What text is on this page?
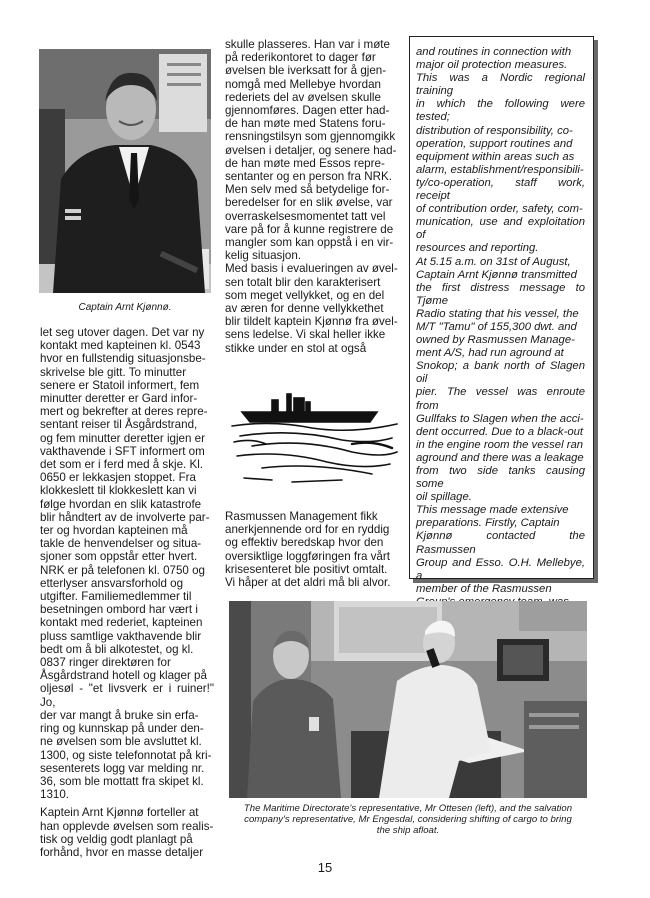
Captain Arnt Kjønnø.

let seg utover dagen. Det var ny
kontakt med kapteinen kl. 0543
hvor en fullstendig situasjonsbe-
skrivelse ble gitt. To minutter
senere er Statoil informert, fem
minutter deretter er Gard infor-
mert og bekrefter at deres repre-
sentant reiser til Åsgårdstrand,
og fem minutter deretter igjen er
vakthavende i SFT informert om
det som er i ferd med å skje. Kl.
0650 er lekkasjen stoppet. Fra
klokkeslett til klokkeslett kan vi
følge hvordan en slik katastrofe
blir håndtert av de involverte par-
ter og hvordan kapteinen må
takle de henvendelser og situa-
sjoner som oppstår etter hvert.
NRK er på telefonen kl. 0750 og
etterlyser ansvarsforhold og
utgifter. Familiemedlemmer til
besetningen ombord har vært i
kontakt med rederiet, kapteinen
pluss samtlige vakthavende blir
bedt om å bli alkotestet, og kl.
0837 ringer direktøren for
Åsgårdstrand hotell og klager på
oljesøl - "et livsverk er i ruiner!" Jo,
der var mangt å bruke sin erfa-
ring og kunnskap på under den-
ne øvelsen som ble avsluttet kl.
1300, og siste telefonnotat på kri-
sesenterets logg var melding nr.
36, som ble mottatt fra skipet kl.
1310.

Kaptein Arnt Kjønnø forteller at
han opplevde øvelsen som realis-
tisk og veldig godt planlagt på
forhånd, hvor en masse detaljer

skulle plasseres. Han var i møte
på rederikontoret to dager før
øvelsen ble iverksatt for å gjen-
nomgå med Mellebye hvordan
rederiets del av øvelsen skulle
gjennomføres. Dagen etter had-
de han møte med Statens foru-
rensningstilsyn som gjennomgikk
øvelsen i detaljer, og senere had-
de han møte med Essos repre-
sentanter og en person fra NRK.
Men selv med så betydelige for-
beredelser for en slik øvelse, var
overraskelsesmomentet tatt vel
vare på for å kunne registrere de
mangler som kan oppstå i en vir-
kelig situasjon.

Med basis i evalueringen av øvel-
sen totalt blir den karakterisert
som meget vellykket, og en del
av æren for denne vellykkethet
blir tildelt kaptein Kjønnø fra øvel-
sens ledelse. Vi skal heller ikke
stikke under en stol at også

Rasmussen Management fikk
anerkjennende ord for en ryddig
og effektiv beredskap hvor den
oversiktlige loggføringen fra vårt
krisesenteret ble positivt omtalt.
Vi håper at det aldri må bli alvor.

and routines in connection with
major oil protection measures.
This was a Nordic regional training
in which the following were tested;
distribution of responsibility, co-
operation, support routines and
equipment within areas such as
alarm, establishment/responsibili-
ty/co-operation, staff work, receipt
of contribution order, safety, com-
munication, use and exploitation of
resources and reporting.
At 5.15 a.m. on 31st of August,
Captain Arnt Kjønnø transmitted
the first distress message to Tjøme
Radio stating that his vessel, the
M/T "Tamu" of 155,300 dwt. and
owned by Rasmussen Manage-
ment A/S, had run aground at
Snokop; a bank north of Slagen oil
pier. The vessel was enroute from
Gullfaks to Slagen when the acci-
dent occurred. Due to a black-out
in the engine room the vessel ran
aground and there was a leakage
from two side tanks causing some
oil spillage.
This message made extensive
preparations. Firstly, Captain
Kjønnø contacted the Rasmussen
Group and Esso. O.H. Mellebye, a
member of the Rasmussen

The Maritime Directorate's representative, Mr Ottesen (left), and the salvation
company's representative, Mr Engesdal, considering shifting of cargo to bring
the ship afloat.
15
